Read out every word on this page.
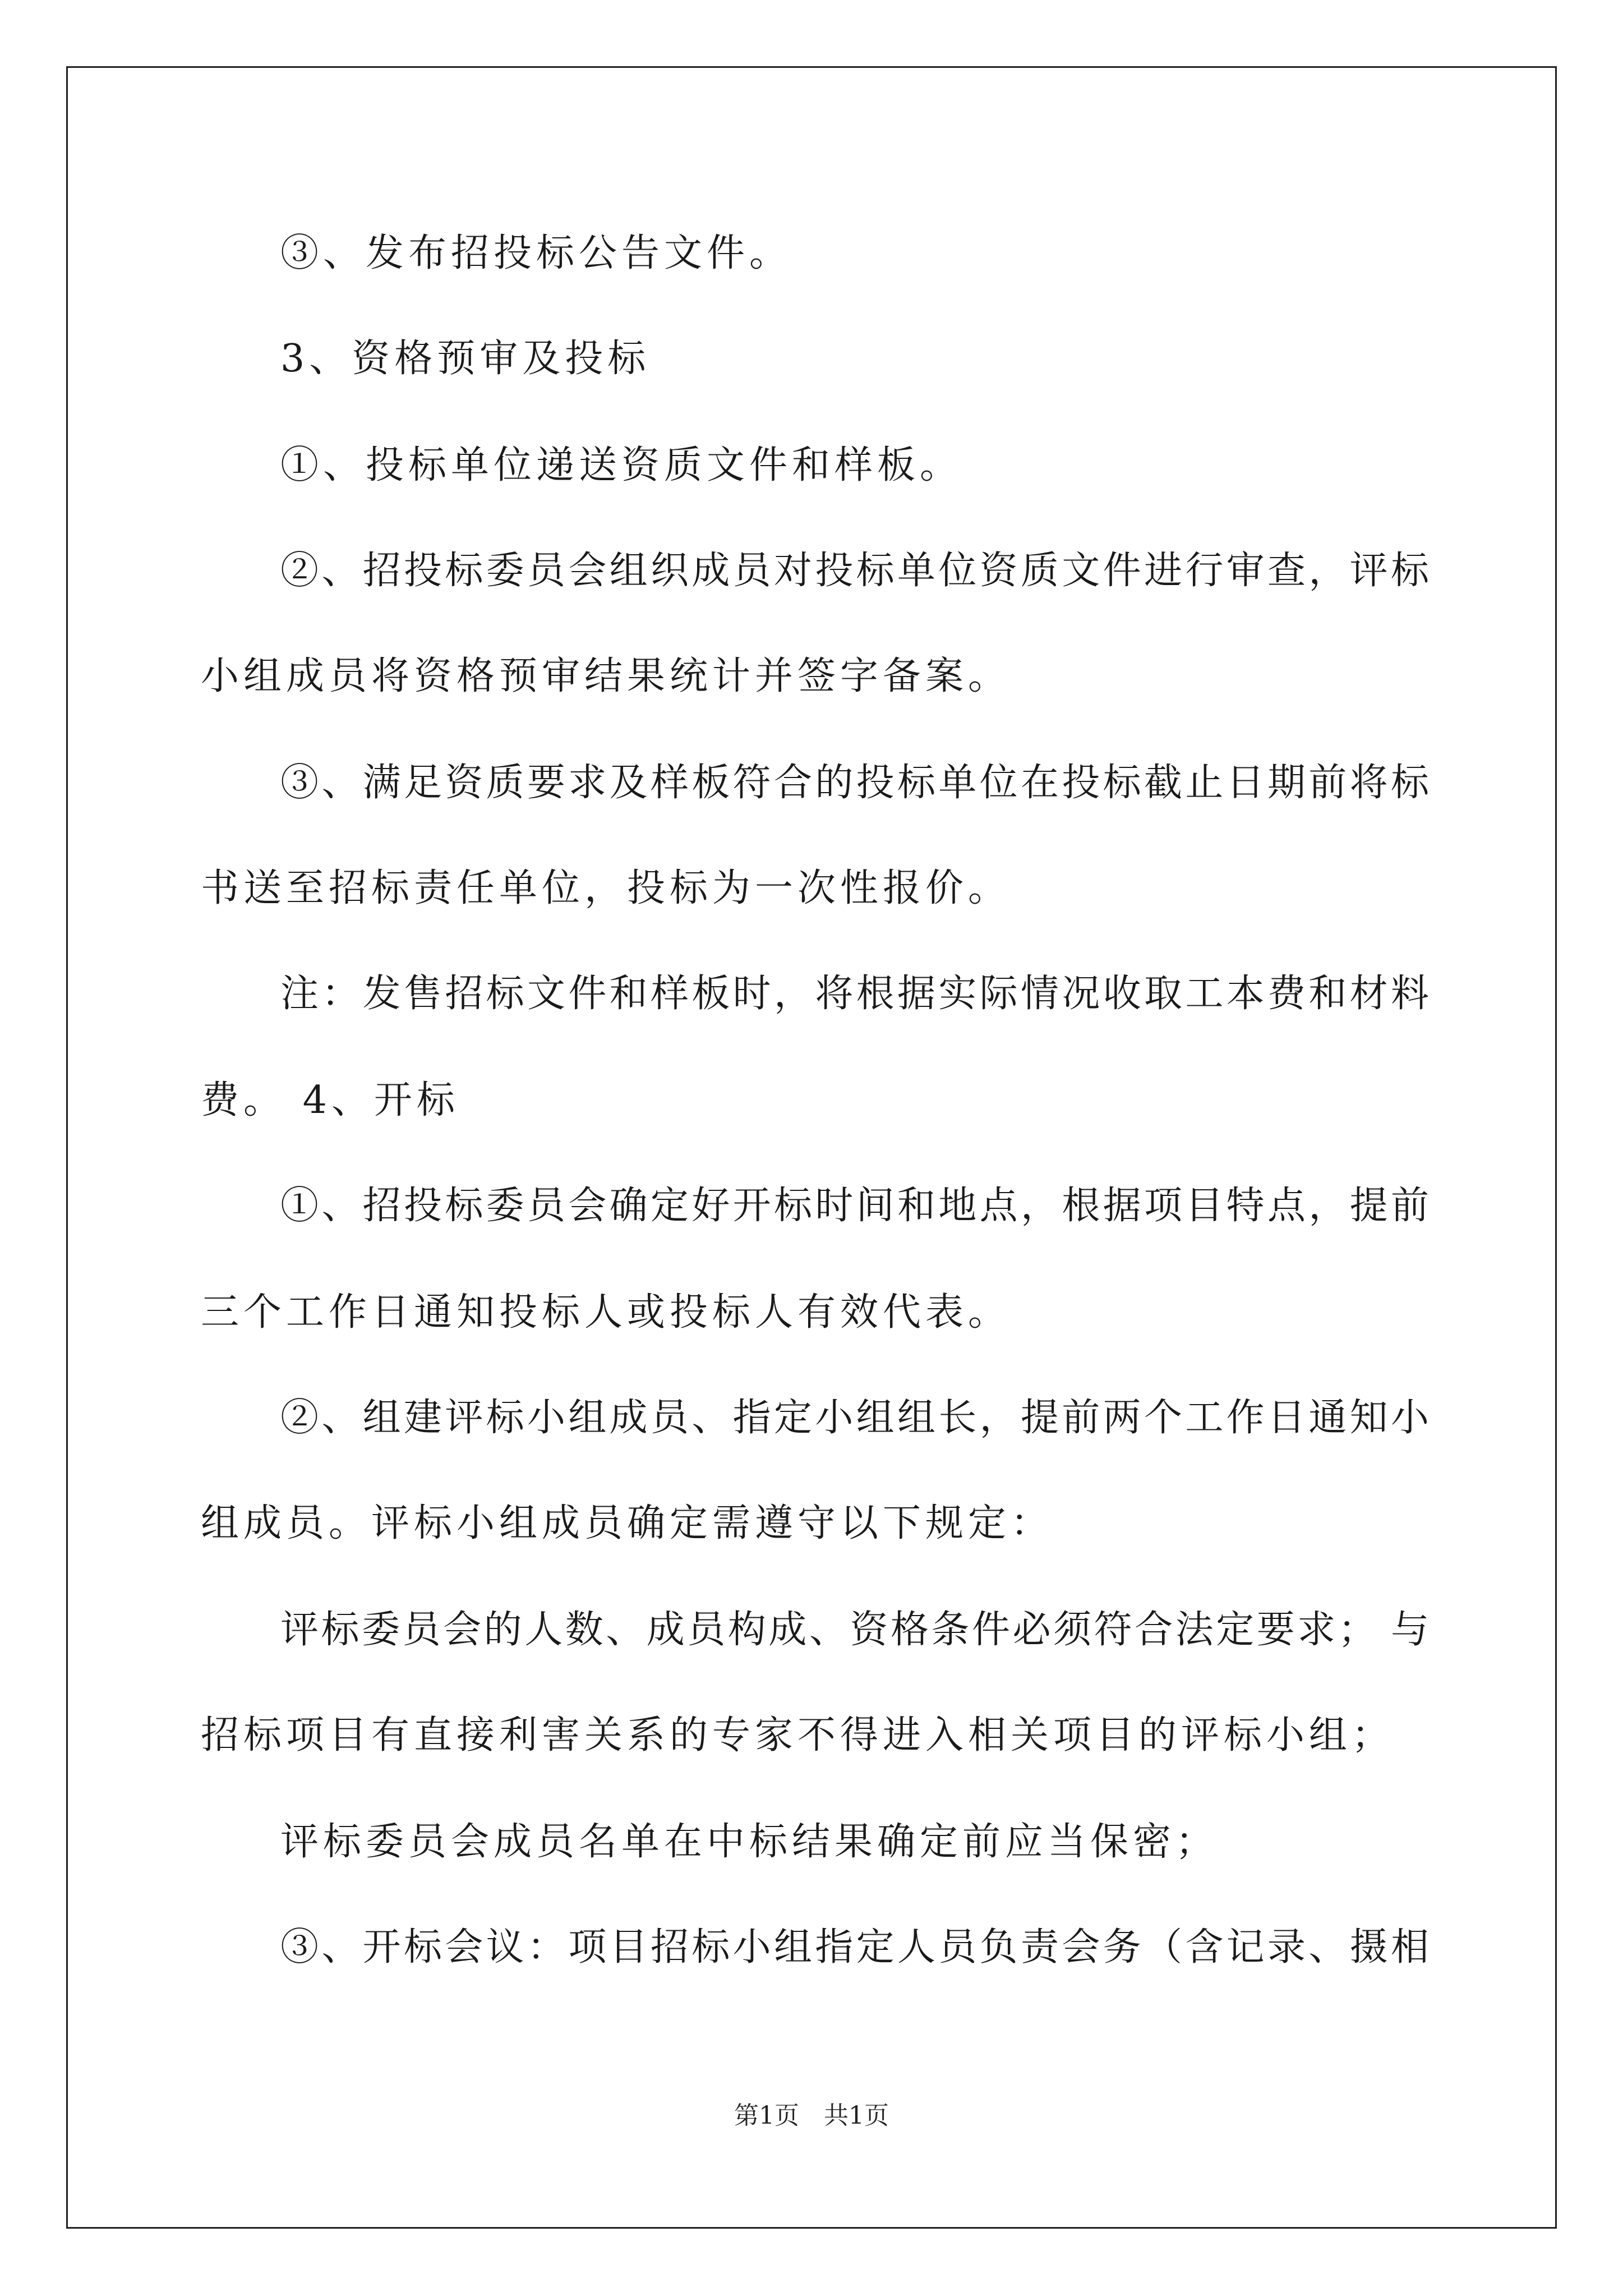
③、发布招投标公告文件。
3、资格预审及投标
①、投标单位递送资质文件和样板。
②、招投标委员会组织成员对投标单位资质文件进行审查，评标
小组成员将资格预审结果统计并签字备案。
③、满足资质要求及样板符合的投标单位在投标截止日期前将标
书送至招标责任单位，投标为一次性报价。
注：发售招标文件和样板时，将根据实际情况收取工本费和材料
费。 4、开标
①、招投标委员会确定好开标时间和地点，根据项目特点，提前
三个工作日通知投标人或投标人有效代表。
②、组建评标小组成员、指定小组组长，提前两个工作日通知小
组成员。评标小组成员确定需遵守以下规定：
评标委员会的人数、成员构成、资格条件必须符合法定要求； 与
招标项目有直接利害关系的专家不得进入相关项目的评标小组；
评标委员会成员名单在中标结果确定前应当保密；
③、开标会议：项目招标小组指定人员负责会务（含记录、摄相
第1页　共1页
